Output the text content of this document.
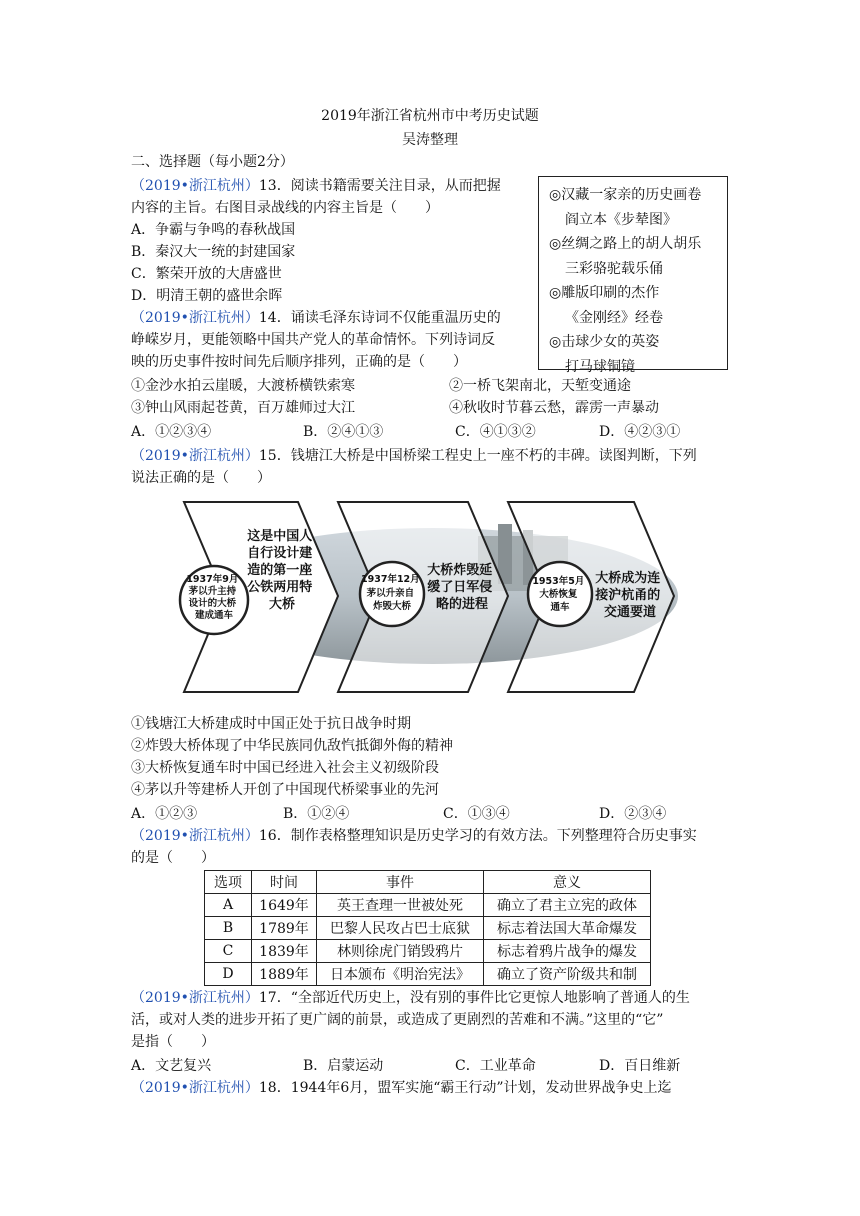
2019年浙江省杭州市中考历史试题
吴涛整理
二、选择题（每小题2分）
（2019•浙江杭州）13．阅读书籍需要关注目录，从而把握
内容的主旨。右图目录战线的内容主旨是（　　）
A．争霸与争鸣的春秋战国
B．秦汉大一统的封建国家
C．繁荣开放的大唐盛世
D．明清王朝的盛世余晖
◎汉藏一家亲的历史画卷
阎立本《步辇图》
◎丝绸之路上的胡人胡乐
三彩骆驼载乐俑
◎雕版印刷的杰作
《金刚经》经卷
◎击球少女的英姿
打马球铜镜
（2019•浙江杭州）14．诵读毛泽东诗词不仅能重温历史的
峥嵘岁月，更能领略中国共产党人的革命情怀。下列诗词反
映的历史事件按时间先后顺序排列，正确的是（　　）
①金沙水拍云崖暖，大渡桥横铁索寒	②一桥飞架南北，天堑变通途
③钟山风雨起苍黄，百万雄师过大江	④秋收时节暮云愁，霹雳一声暴动
A．①②③④	B．②④①③	C．④①③②	D．④②③①
（2019•浙江杭州）15．钱塘江大桥是中国桥梁工程史上一座不朽的丰碑。读图判断，下列
说法正确的是（　　）
1937年9月 茅以升主持 设计的大桥 建成通车
这是中国人 自行设计建 造的第一座 公铁两用特 大桥
1937年12月 茅以升亲自 炸毁大桥
大桥炸毁延 缓了日军侵 略的进程
1953年5月 大桥恢复 通车
大桥成为连 接沪杭甬的 交通要道
①钱塘江大桥建成时中国正处于抗日战争时期
②炸毁大桥体现了中华民族同仇敌忾抵御外侮的精神
③大桥恢复通车时中国已经进入社会主义初级阶段
④茅以升等建桥人开创了中国现代桥梁事业的先河
A．①②③	B．①②④	C．①③④	D．②③④
（2019•浙江杭州）16．制作表格整理知识是历史学习的有效方法。下列整理符合历史事实
的是（　　）
选项	时间	事件	意义
A	1649年	英王查理一世被处死	确立了君主立宪的政体
B	1789年	巴黎人民攻占巴士底狱	标志着法国大革命爆发
C	1839年	林则徐虎门销毁鸦片	标志着鸦片战争的爆发
D	1889年	日本颁布《明治宪法》	确立了资产阶级共和制
（2019•浙江杭州）17．“全部近代历史上，没有别的事件比它更惊人地影响了普通人的生
活，或对人类的进步开拓了更广阔的前景，或造成了更剧烈的苦难和不满。”这里的“它”
是指（　　）
A．文艺复兴	B．启蒙运动	C．工业革命	D．百日维新
（2019•浙江杭州）18．1944年6月，盟军实施“霸王行动”计划，发动世界战争史上迄
